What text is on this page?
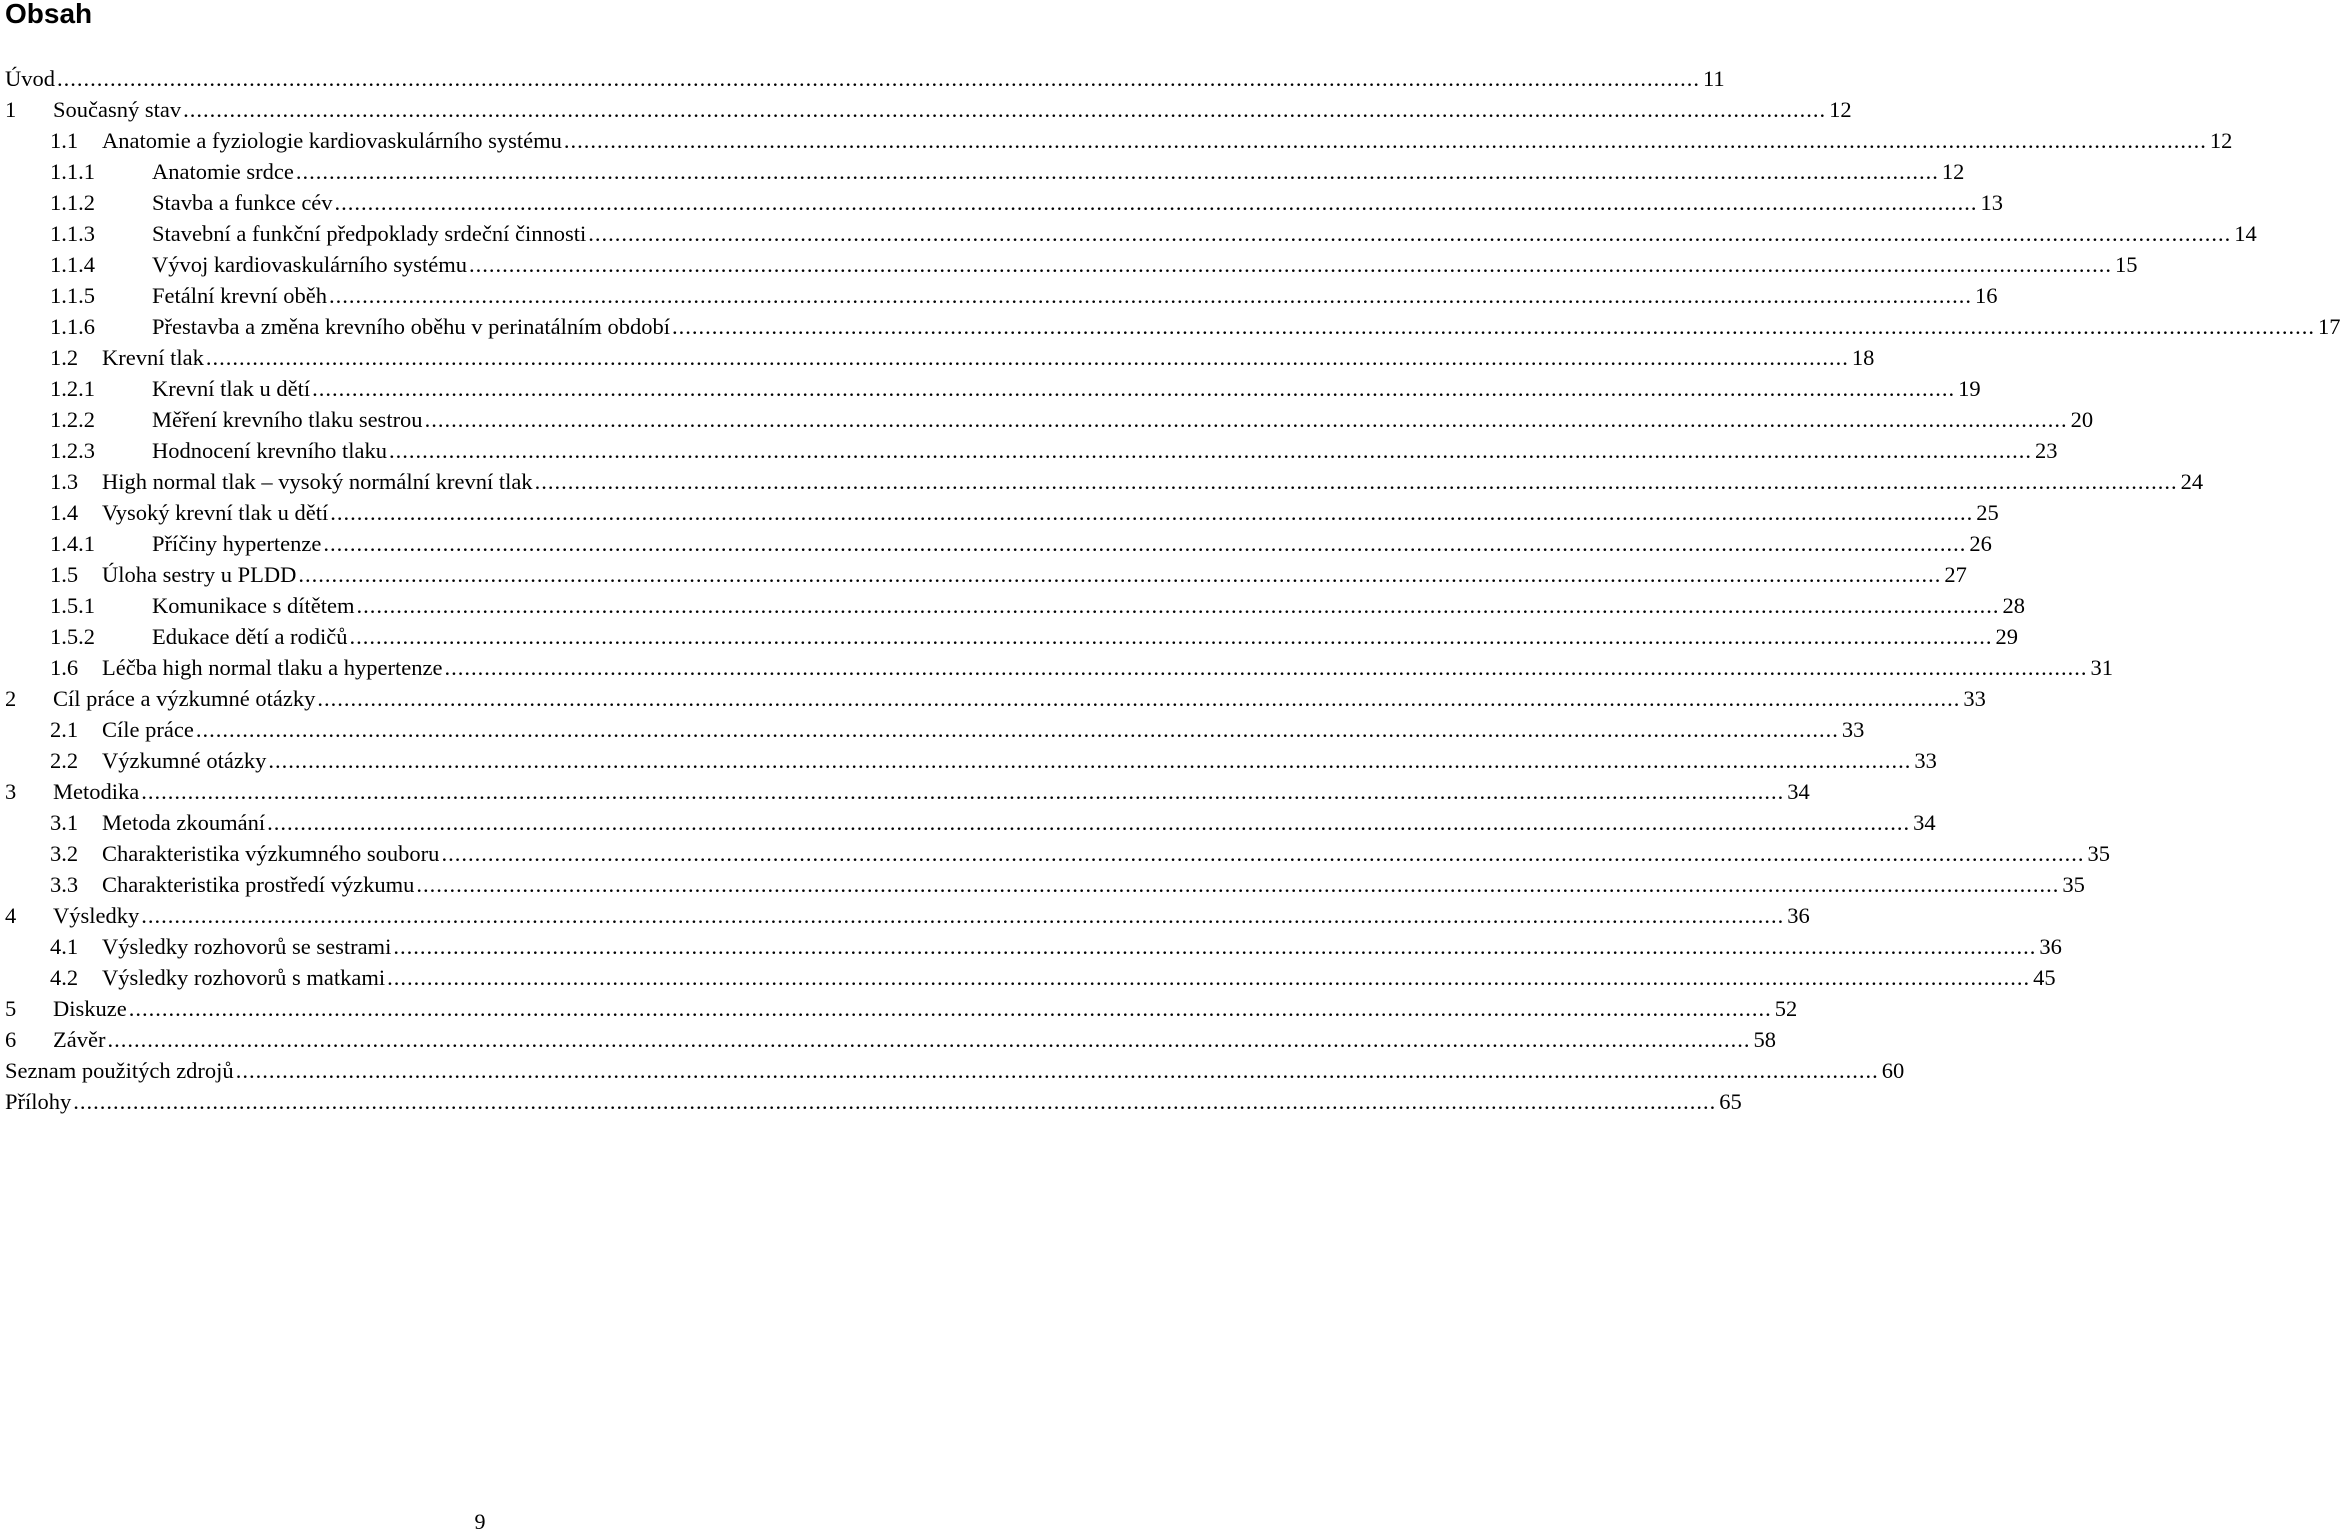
Obsah
Úvod .....	11
1	Současný stav .....	12
1.1	Anatomie a fyziologie kardiovaskulárního systému .....	12
1.1.1	Anatomie srdce .....	12
1.1.2	Stavba a funkce cév .....	13
1.1.3	Stavební a funkční předpoklady srdeční činnosti .....	14
1.1.4	Vývoj kardiovaskulárního systému .....	15
1.1.5	Fetální krevní oběh .....	16
1.1.6	Přestavba a změna krevního oběhu v perinatálním období .....	17
1.2	Krevní tlak .....	18
1.2.1	Krevní tlak u dětí .....	19
1.2.2	Měření krevního tlaku sestrou .....	20
1.2.3	Hodnocení krevního tlaku .....	23
1.3	High normal tlak – vysoký normální krevní tlak .....	24
1.4	Vysoký krevní tlak u dětí .....	25
1.4.1	Příčiny hypertenze .....	26
1.5	Úloha sestry u PLDD .....	27
1.5.1	Komunikace s dítětem .....	28
1.5.2	Edukace dětí a rodičů .....	29
1.6	Léčba high normal tlaku a hypertenze .....	31
2	Cíl práce a výzkumné otázky .....	33
2.1	Cíle práce .....	33
2.2	Výzkumné otázky .....	33
3	Metodika .....	34
3.1	Metoda zkoumání .....	34
3.2	Charakteristika výzkumného souboru .....	35
3.3	Charakteristika prostředí výzkumu .....	35
4	Výsledky .....	36
4.1	Výsledky rozhovorů se sestrami .....	36
4.2	Výsledky rozhovorů s matkami .....	45
5	Diskuze .....	52
6	Závěr .....	58
Seznam použitých zdrojů .....	60
Přílohy .....	65
9
